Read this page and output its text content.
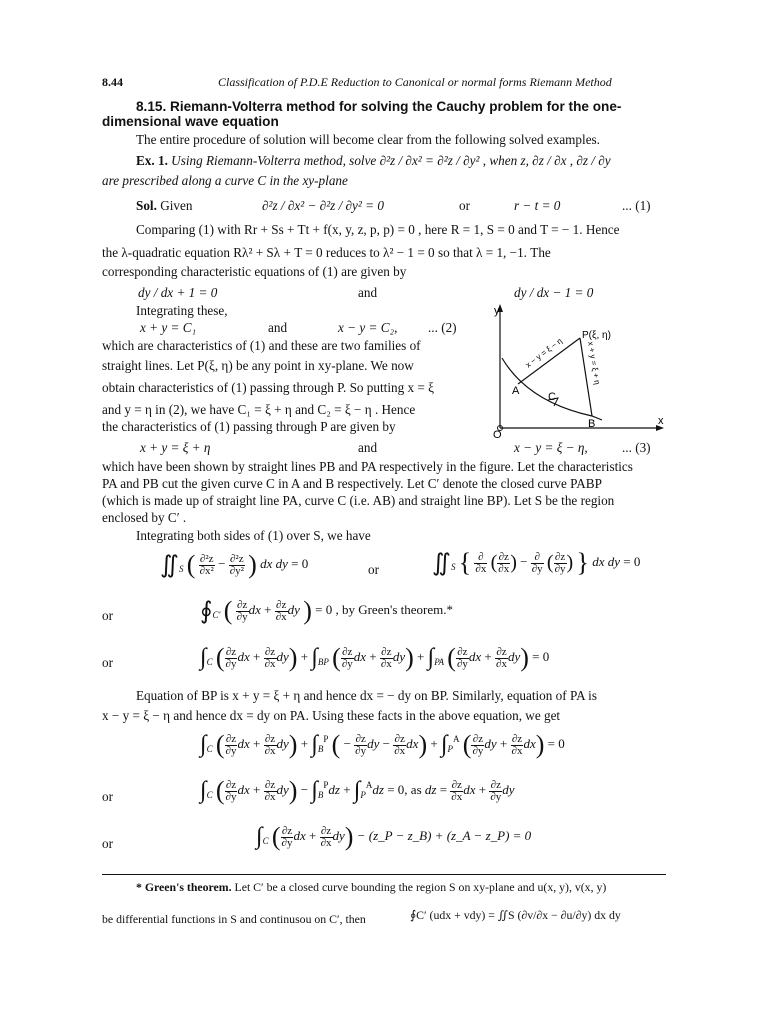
8.44	Classification of P.D.E Reduction to Canonical or normal forms Riemann Method
8.15. Riemann-Volterra method for solving the Cauchy problem for the one-
dimensional wave equation
The entire procedure of solution will become clear from the following solved examples.
Ex. 1. Using Riemann-Volterra method, solve ∂²z / ∂x² = ∂²z / ∂y² , when z, ∂z / ∂x , ∂z / ∂y
are prescribed along a curve C in the xy-plane
Sol. Given	∂²z / ∂x² − ∂²z / ∂y² = 0	or	r − t = 0	... (1)
Comparing (1) with Rr + Ss + Tt + f(x, y, z, p, p) = 0 , here R = 1, S = 0 and T = − 1. Hence
the λ-quadratic equation Rλ² + Sλ + T = 0 reduces to λ² − 1 = 0 so that λ = 1, −1. The
corresponding characteristic equations of (1) are given by
dy / dx + 1 = 0	and	dy / dx − 1 = 0
Integrating these,
x + y = C₁	and	x − y = C₂, ... (2)
which are characteristics of (1) and these are two families of
straight lines. Let P(ξ, η) be any point in xy-plane. We now
obtain characteristics of (1) passing through P. So putting x = ξ
and y = η in (2), we have C₁ = ξ + η and C₂ = ξ − η . Hence
the characteristics of (1) passing through P are given by
x + y = ξ + η	and	x − y = ξ − η,	... (3)
y
x
O
P(ξ, η)
A
B
C
x − y = ξ − η	x + y = ξ + η
which have been shown by straight lines PB and PA respectively in the figure. Let the characteristics
PA and PB cut the given curve C in A and B respectively. Let C′ denote the closed curve PABP
(which is made up of straight line PA, curve C (i.e. AB) and straight line BP). Let S be the region
enclosed by C′ .
Integrating both sides of (1) over S, we have
$∬_S$ ( $\frac{\text{∂²z}}{\text{∂x²}} - \frac{\text{∂²z}}{\text{∂y²}}$ ) dx dy = 0	or $∬_S$ { $\frac{\partial}{\partial x}$ ( $\frac{\partial z}{\partial x}$ ) − $\frac{\partial}{\partial y}$ ( $\frac{\partial z}{\partial y}$ ) } dx dy = 0
or	$∮_{C'}$ ( $\frac{\partial z}{\partial y}$ dx + $\frac{\partial z}{\partial x}$ dy ) = 0 , by Green's theorem.*
or	$\int_C$ ( $\frac{\partial z}{\partial y}$ dx + $\frac{\partial z}{\partial x} dy) + \int_{BP}$ ( $\frac{\partial z}{\partial y}$ dx + $\frac{\partial z}{\partial x} dy) + \int_{PA}$ ( $\frac{\partial z}{\partial y}$ dx + $\frac{\partial z}{\partial x} dy) = 0$
Equation of BP is x + y = ξ + η and hence dx = − dy on BP. Similarly, equation of PA is
x − y = ξ − η and hence dx = dy on PA. Using these facts in the above equation, we get
$\int_C$ ( $\frac{\partial z}{\partial y}$ dx + $\frac{\partial z}{\partial x} dy) + \int_B^P$ ( − $\frac{\partial z}{\partial y}$ dy − $\frac{\partial z}{\partial x} dx) + \int_P^A$ ( $\frac{\partial z}{\partial y}$ dy + $\frac{\partial z}{\partial x} dx) = 0$
or	$\int_C$ ( $\frac{\partial z}{\partial y}$ dx + $\frac{\partial z}{\partial x} dy) - \int_B^Pdz + \int_P^Adz = 0$, as dz = $\frac{\partial z}{\partial x}$ dx + $\frac{\partial z}{\partial y}$ dy
or	$\int_C$ ( $\frac{\partial z}{\partial y}$ dx + $\frac{\partial z}{\partial x} dy$) − (z_P − z_B) + (z_A − z_P) = 0
* Green's theorem. Let C′ be a closed curve bounding the region S on xy-plane and u(x, y), v(x, y)
be differential functions in S and continusou on C′, then	∮C′ (udx + vdy) = ∬S (∂v/∂x − ∂u/∂y) dx dy
